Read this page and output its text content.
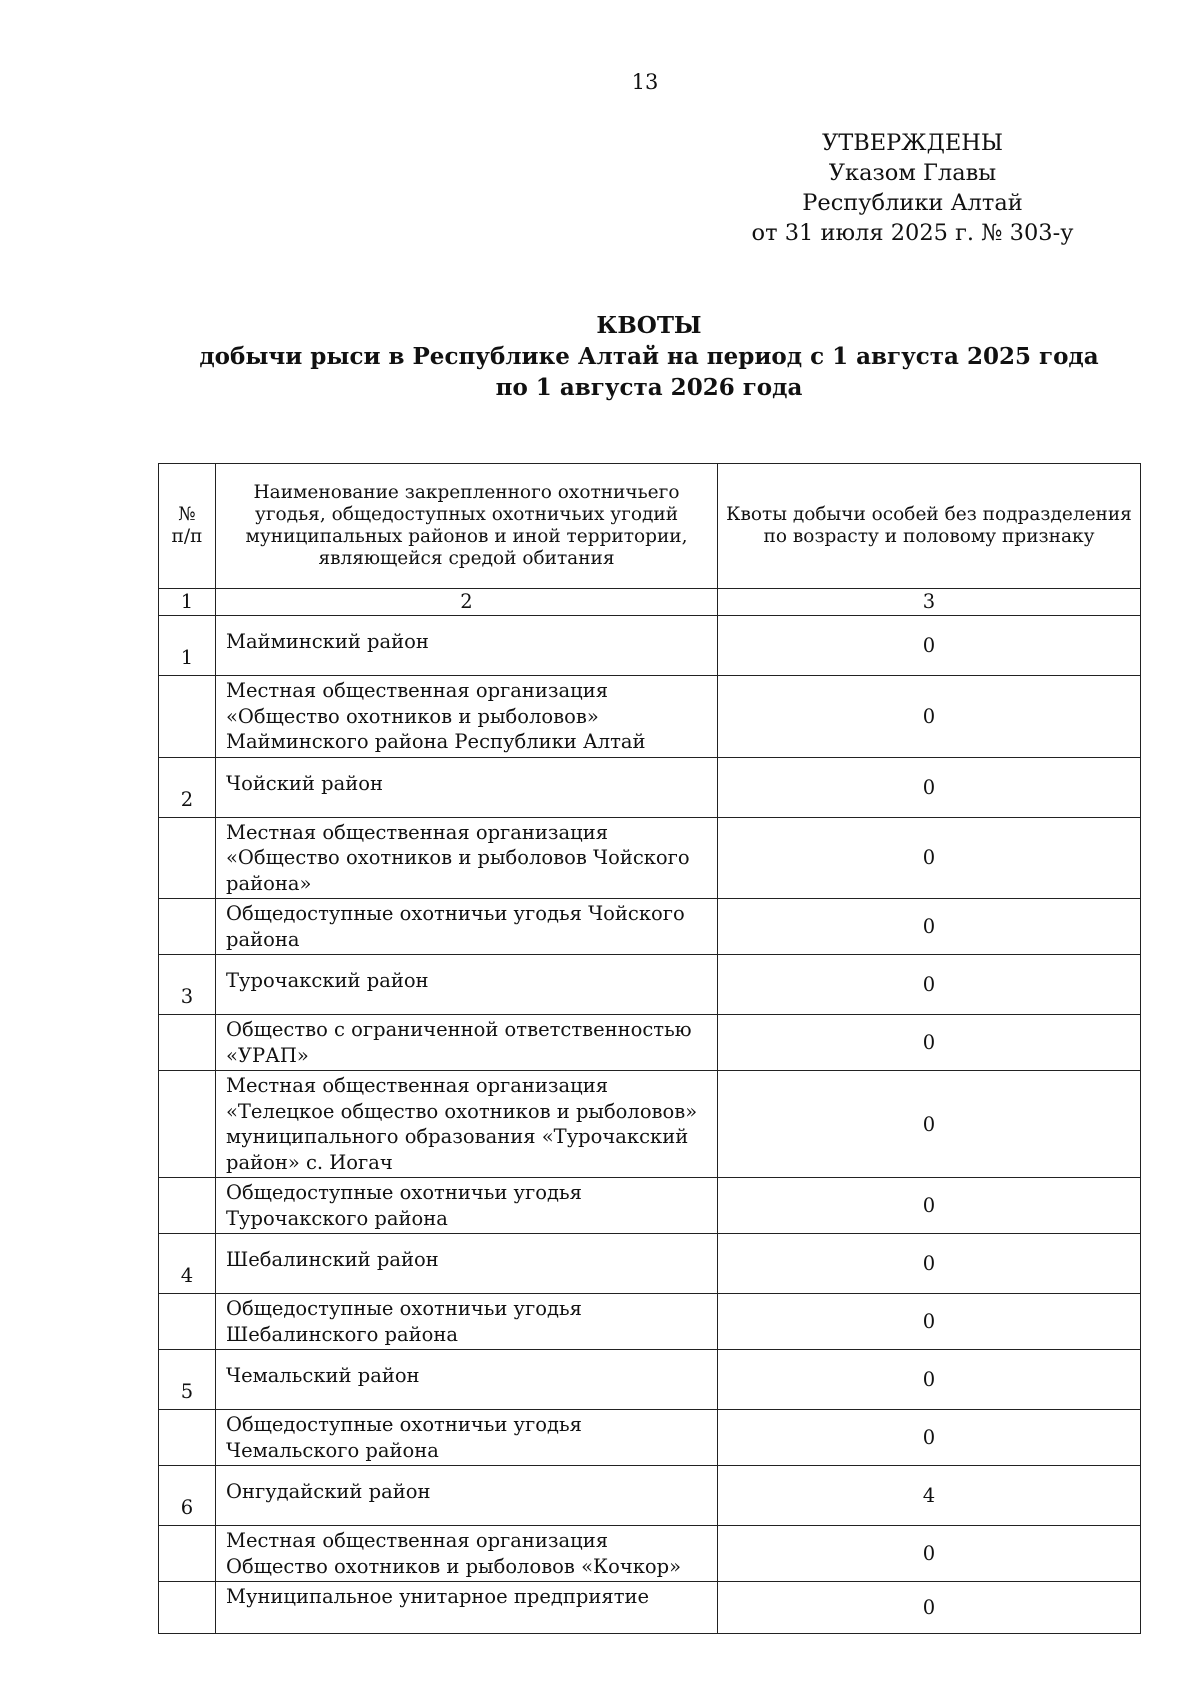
13
УТВЕРЖДЕНЫ
Указом Главы
Республики Алтай
от 31 июля 2025 г. № 303-у
КВОТЫ
добычи рыси в Республике Алтай на период с 1 августа 2025 года
по 1 августа 2026 года
№ п/п	Наименование закрепленного охотничьего угодья, общедоступных охотничьих угодий муниципальных районов и иной территории, являющейся средой обитания	Квоты добычи особей без подразделения
по возрасту и половому признаку

1	2	3
1	Майминский район	0
	Местная общественная организация «Общество охотников и рыболовов» Майминского района Республики Алтай	0
2	Чойский район	0
	Местная общественная организация «Общество охотников и рыболовов Чойского района»	0
	Общедоступные охотничьи угодья Чойского района	0
3	Турочакский район	0
	Общество с ограниченной ответственностью «УРАП»	0
	Местная общественная организация «Телецкое общество охотников и рыболовов» муниципального образования «Турочакский район» с. Иогач	0
	Общедоступные охотничьи угодья Турочакского района	0
4	Шебалинский район	0
	Общедоступные охотничьи угодья Шебалинского района	0
5	Чемальский район	0
	Общедоступные охотничьи угодья Чемальского района	0
6	Онгудайский район	4
	Местная общественная организация Общество охотников и рыболовов «Кочкор»	0
	Муниципальное унитарное предприятие	0
